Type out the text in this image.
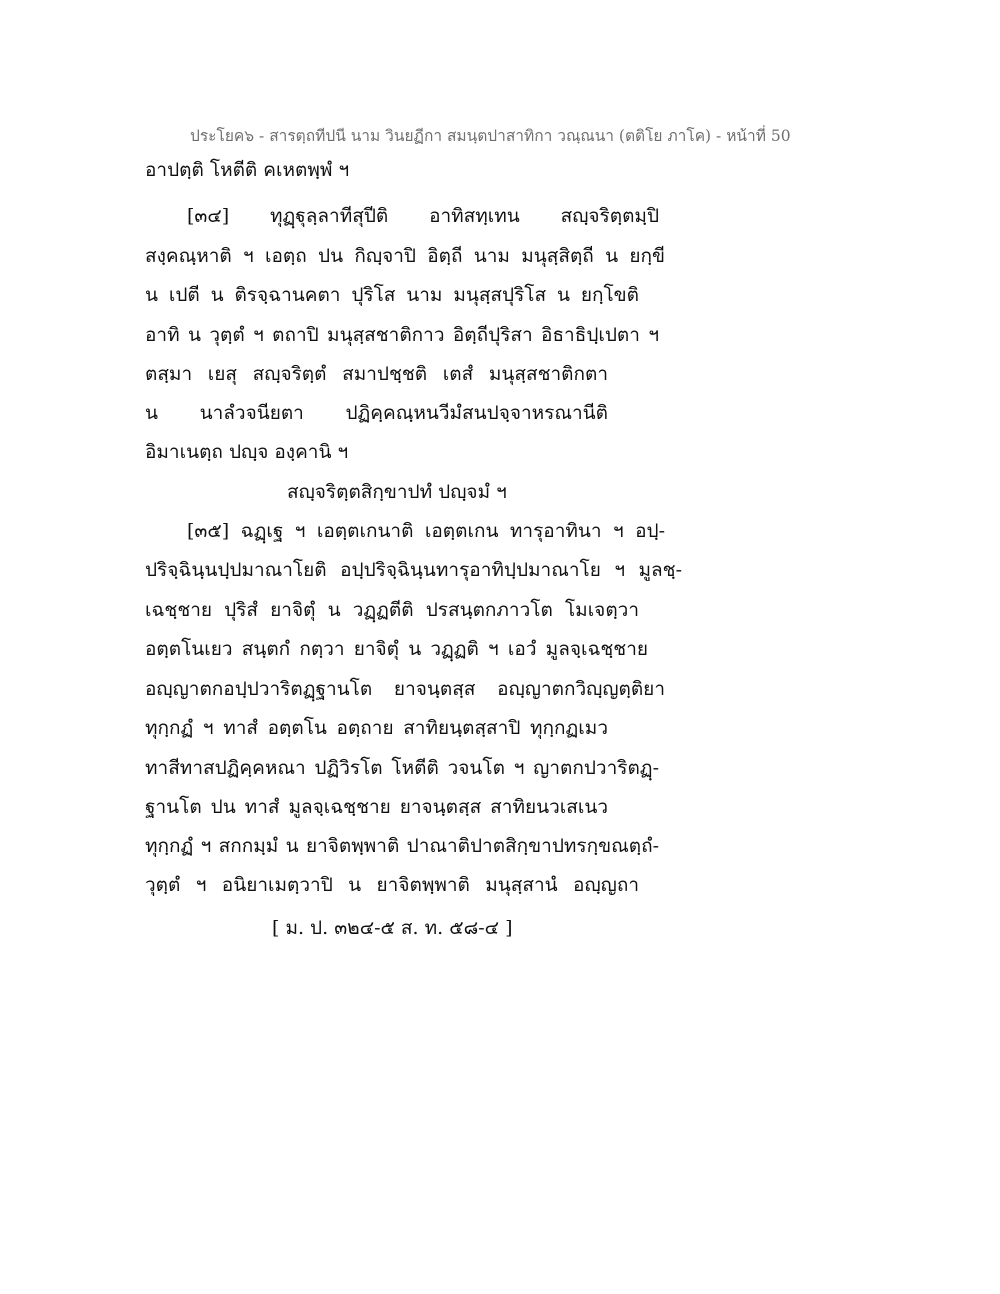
ประโยค๖ - สารตฺถทีปนี นาม วินยฏีกา สมนฺตปาสาทิกา วณฺณนา (ตติโย ภาโค) - หน้าที่ 50
อาปตฺติ โหตีติ คเหตพฺพํ ฯ
[๓๔] ทุฏฺฐุลฺลาทีสุปีติ อาทิสทฺเทน สญฺจริตฺตมฺปิ
สงฺคณฺหาติ ฯ เอตฺถ ปน กิญฺจาปิ อิตฺถี นาม มนุสฺสิตฺถี น ยกฺขี
น เปตี น ติรจฺฉานคตา ปุริโส นาม มนุสฺสปุริโส น ยกฺโขติ
อาทิ น วุตฺตํ ฯ ตถาปิ มนุสฺสชาติกาว อิตฺถีปุริสา อิธาธิปฺเปตา ฯ
ตสฺมา เยสุ สญฺจริตฺตํ สมาปชฺชติ เตสํ มนุสฺสชาติกตา
น นาลํวจนียตา ปฏิคฺคณฺหนวีมํสนปจฺจาหรณานีติ
อิมาเนตฺถ ปญฺจ องฺคานิ ฯ
สญฺจริตฺตสิกฺขาปทํ ปญฺจมํ ฯ
[๓๕] ฉฏฺเฐ ฯ เอตฺตเกนาติ เอตฺตเกน ทารุอาทินา ฯ อปฺ-
ปริจฺฉินฺนปฺปมาณาโยติ อปฺปริจฺฉินฺนทารุอาทิปฺปมาณาโย ฯ มูลชฺ-
เฉชฺชาย ปุริสํ ยาจิตุํ น วฏฺฏตีติ ปรสนฺตกภาวโต โมเจตฺวา
อตฺตโนเยว สนฺตกํ กตฺวา ยาจิตุํ น วฏฺฏติ ฯ เอวํ มูลจฺเฉชฺชาย
อญฺญาตกอปฺปวาริตฏฺฐานโต ยาจนฺตสฺส อญฺญาตกวิญฺญตฺติยา
ทุกฺกฏํ ฯ ทาสํ อตฺตโน อตฺถาย สาทิยนฺตสฺสาปิ ทุกฺกฏเมว
ทาสีทาสปฏิคฺคหณา ปฏิวิรโต โหตีติ วจนโต ฯ ญาตกปวาริตฏฺ-
ฐานโต ปน ทาสํ มูลจฺเฉชฺชาย ยาจนฺตสฺส สาทิยนวเสเนว
ทุกฺกฏํ ฯ สกกมฺมํ น ยาจิตพฺพาติ ปาณาติปาตสิกฺขาปทรกฺขณตฺถํ-
วุตฺตํ ฯ อนิยาเมตฺวาปิ น ยาจิตพฺพาติ มนุสฺสานํ อญฺญถา
[ ม. ป. ๓๒๔-๕ ส. ท. ๕๘-๔ ]
